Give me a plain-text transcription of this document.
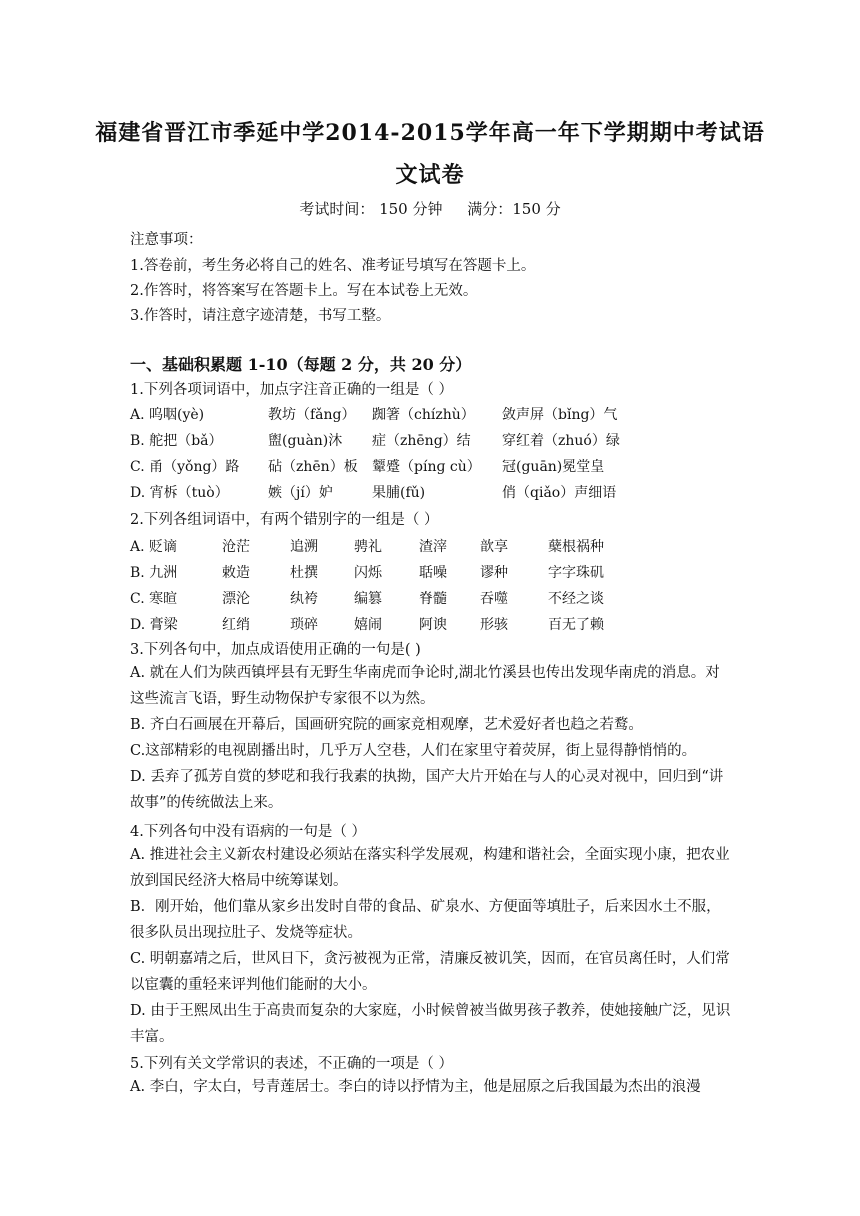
福建省晋江市季延中学2014-2015学年高一年下学期期中考试语
文试卷
考试时间： 150 分钟 满分：150 分
注意事项：
1.答卷前，考生务必将自己的姓名、准考证号填写在答题卡上。
2.作答时，将答案写在答题卡上。写在本试卷上无效。
3.作答时，请注意字迹清楚，书写工整。
一、基础积累题 1-10（每题 2 分，共 20 分）
1.下列各项词语中，加点字注音正确的一组是（ ）
A. 呜咽(yè)	教坊（fǎng） 踟箸（chízhù） 敛声屏（bǐng）气
B. 舵把（bǎ）	盥(guàn)沐 症（zhēng）结 穿红着（zhuó）绿
C. 甬（yǒng）路 砧（zhēn）板 颦蹙（pínɡ cù） 冠(guān)冕堂皇
D. 宵柝（tuò）	嫉（jí）妒	果脯(fǔ)	俏（qiǎo）声细语
2.下列各组词语中，有两个错别字的一组是（ ）
A. 贬谪	沧茫	追溯	骋礼	渣滓 歆享	蘖根祸种
B. 九洲	敕造	杜撰	闪烁	聒噪 谬种	字字珠矶
C. 寒暄	漂沦	纨袴	编篡	脊髓 吞噬	不经之谈
D. 膏梁	红绡	琐碎	嬉闹	阿谀 形骇	百无了赖
3.下列各句中，加点成语使用正确的一句是( )
A. 就在人们为陕西镇坪县有无野生华南虎而争论时,湖北竹溪县也传出发现华南虎的消息。对这些流言飞语，野生动物保护专家很不以为然。
B. 齐白石画展在开幕后，国画研究院的画家竞相观摩，艺术爱好者也趋之若鹜。
C.这部精彩的电视剧播出时，几乎万人空巷，人们在家里守着荧屏，街上显得静悄悄的。
D. 丢弃了孤芳自赏的梦呓和我行我素的执拗，国产大片开始在与人的心灵对视中，回归到“讲故事”的传统做法上来。
4.下列各句中没有语病的一句是（ ）
A. 推进社会主义新农村建设必须站在落实科学发展观，构建和谐社会，全面实现小康，把农业放到国民经济大格局中统筹谋划。
B．刚开始，他们靠从家乡出发时自带的食品、矿泉水、方便面等填肚子，后来因水土不服，很多队员出现拉肚子、发烧等症状。
C. 明朝嘉靖之后，世风日下，贪污被视为正常，清廉反被讥笑，因而，在官员离任时，人们常以宦囊的重轻来评判他们能耐的大小。
D. 由于王熙凤出生于高贵而复杂的大家庭，小时候曾被当做男孩子教养，使她接触广泛，见识丰富。
5.下列有关文学常识的表述，不正确的一项是（ ）
A. 李白，字太白，号青莲居士。李白的诗以抒情为主，他是屈原之后我国最为杰出的浪漫
